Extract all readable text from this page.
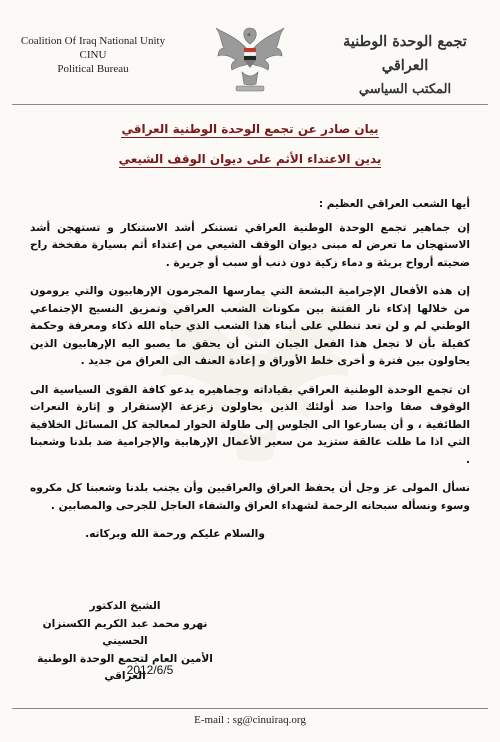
Coalition Of Iraq National Unity
CINU
Political Bureau
تجمع الوحدة الوطنية العراقي
المكتب السياسي
بيان صادر عن تجمع الوحدة الوطنية العراقي
يدين الاعتداء الأثم على ديوان الوقف الشيعي

أيها الشعب العراقي العظيم :

إن جماهير تجمع الوحدة الوطنية العراقي تستنكر أشد الاستنكار و تستهجن أشد الاستهجان ما تعرض له مبنى ديوان الوقف الشيعي من إعتداء أثم بسيارة مفخخة راح ضحيته أرواح بريئة و دماء زكية دون ذنب أو سبب أو جريرة .

إن هذه الأفعال الإجرامية البشعة التي يمارسها المجرمون الإرهابيون والتي يرومون من خلالها إذكاء نار الفتنة بين مكونات الشعب العراقي وتمزيق النسيج الإجتماعي الوطني لم و لن تعد تنطلي على أبناء هذا الشعب الذي حباه الله ذكاء ومعرفة وحكمة كفيلة بأن لا تجعل هذا الفعل الجبان النتن أن يحقق ما يصبو اليه الإرهابيون الذين يحاولون بين فترة و أخرى خلط الأوراق و إعادة العنف الى العراق من جديد .

ان تجمع الوحدة الوطنية العراقي بقياداته وجماهيره يدعو كافة القوى السياسية الى الوقوف صفا واحدا ضد أولئك الذين يحاولون زعزعة الإستقرار و إثارة النعرات الطائفية ، و أن يسارعوا الى الجلوس إلى طاولة الحوار لمعالجة كل المسائل الخلافية التي اذا ما ظلت عالقة ستزيد من سعير الأعمال الإرهابية والإجرامية ضد بلدنا وشعبنا .

نسأل المولى عز وجل أن يحفظ العراق والعراقيين وأن يجنب بلدنا وشعبنا كل مكروه وسوء ونسأله سبحانه الرحمة لشهداء العراق والشفاء العاجل للجرحى والمصابين .

والسلام عليكم ورحمة الله وبركاته.

الشيخ الدكتور
نهرو محمد عبد الكريم الكسنزان الحسيني
الأمين العام لتجمع الوحدة الوطنية العراقي
2012/6/5
E-mail : sg@cinuiraq.org
